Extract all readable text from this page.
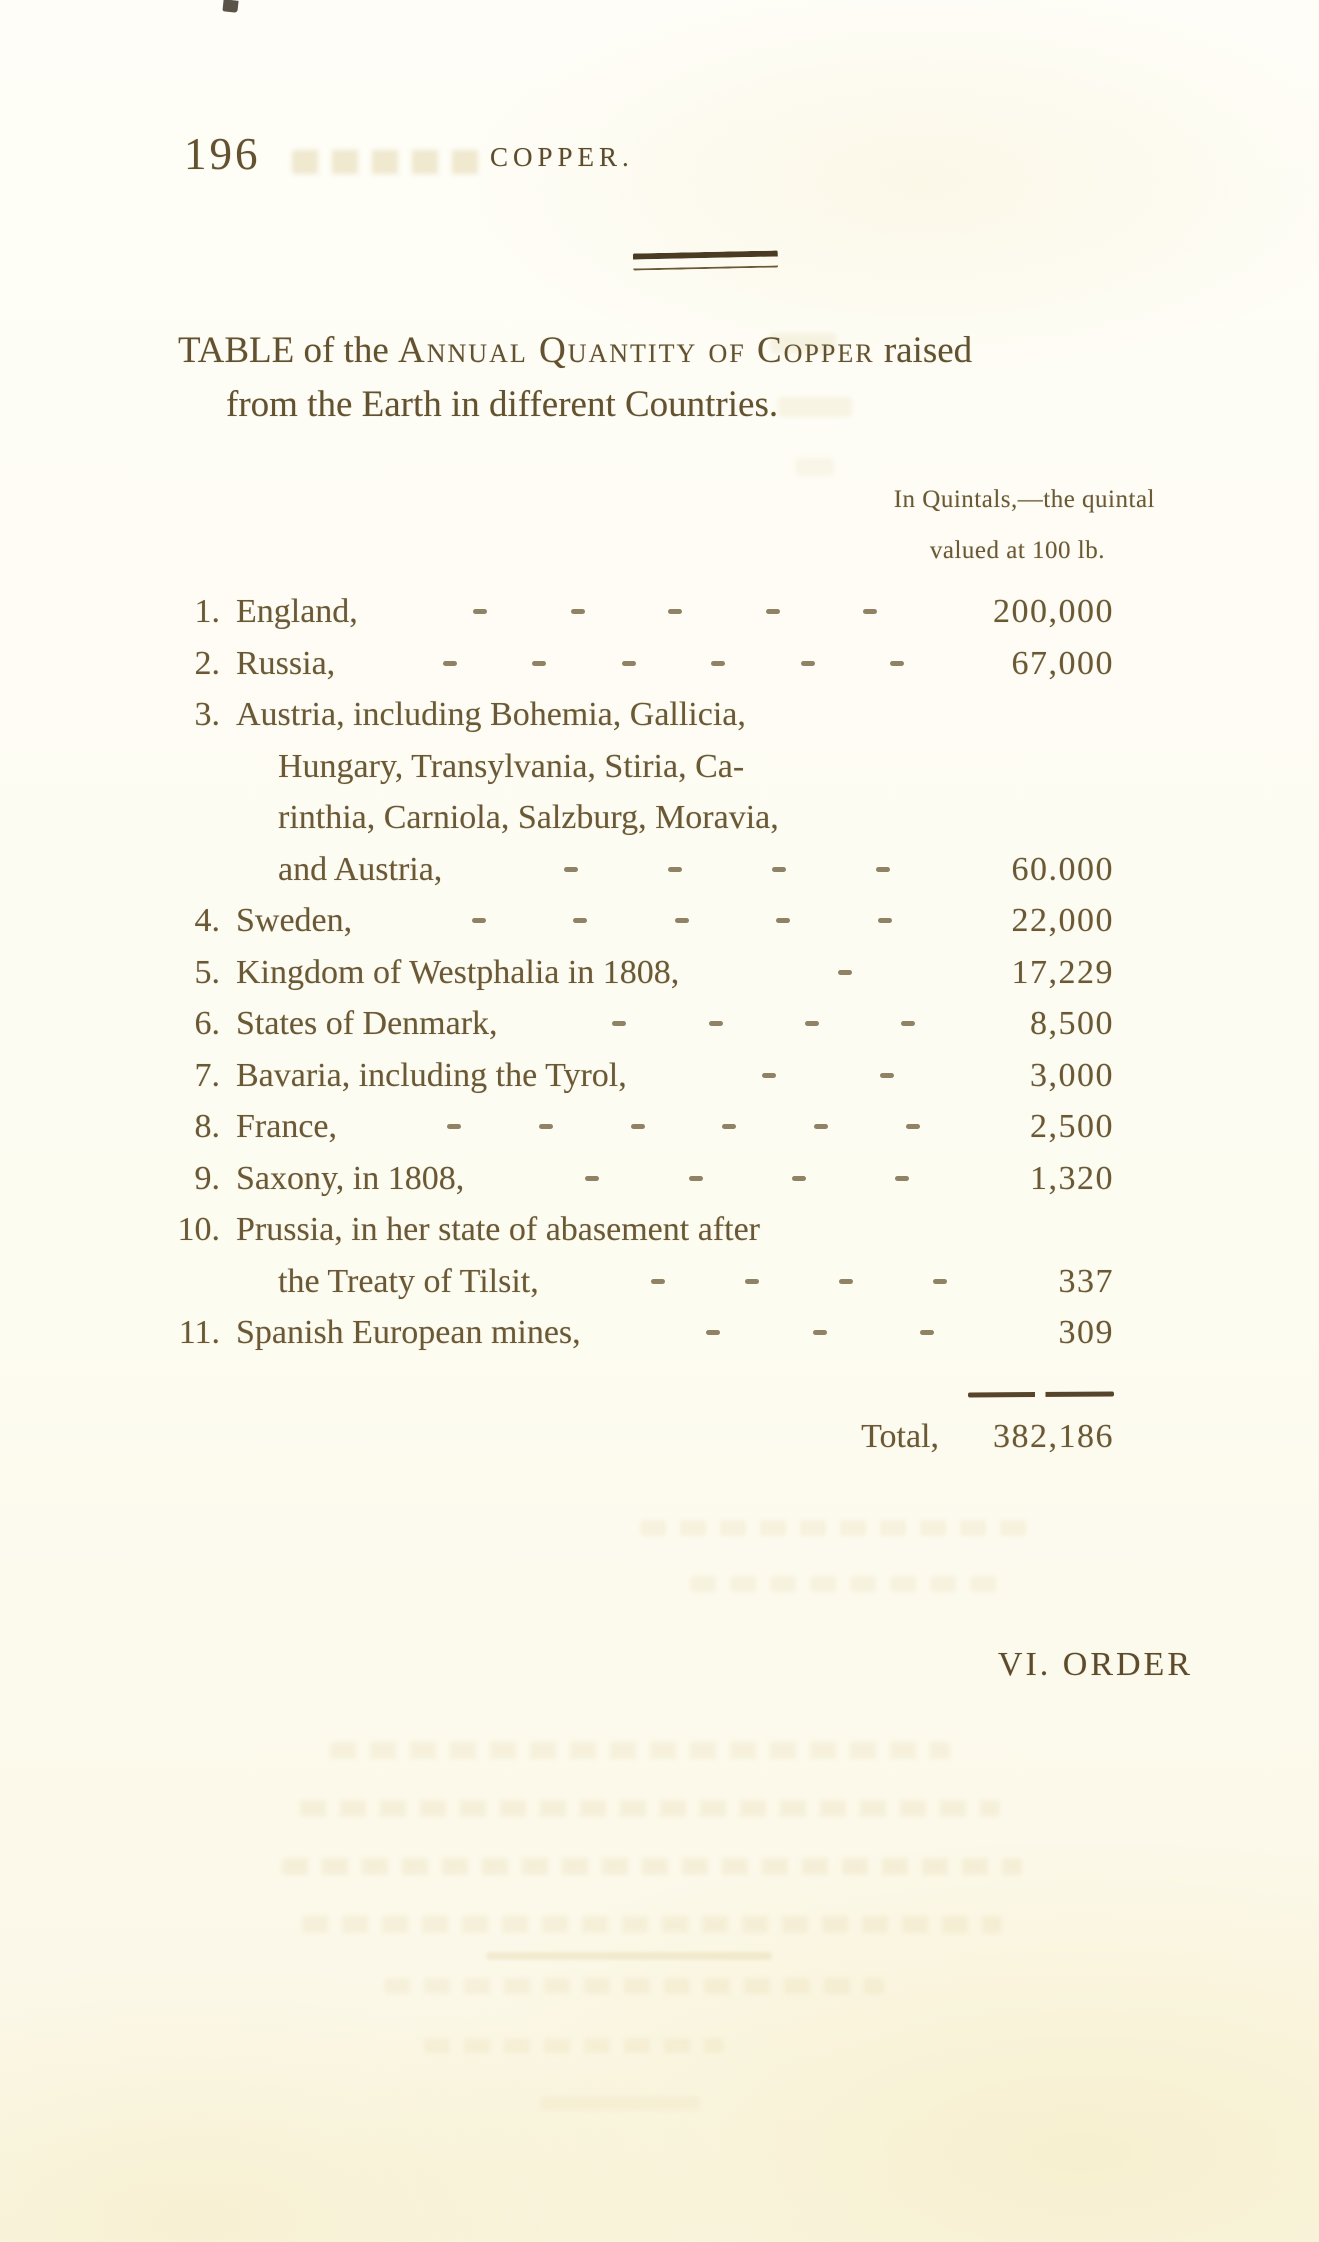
196	COPPER.
TABLE of the Annual Quantity of Copper raised
from the Earth in different Countries.
In Quintals,—the quintal
valued at 100 lb.
1. England,	200,000
2. Russia,	67,000
3. Austria, including Bohemia, Gallicia,
Hungary, Transylvania, Stiria, Ca-
rinthia, Carniola, Salzburg, Moravia,
and Austria,	60.000
4. Sweden,	22,000
5. Kingdom of Westphalia in 1808,	17,229
6. States of Denmark,	8,500
7. Bavaria, including the Tyrol,	3,000
8. France,	2,500
9. Saxony, in 1808,	1,320
10. Prussia, in her state of abasement after
the Treaty of Tilsit,	337
11. Spanish European mines,	309
Total, 382,186
VI. ORDER
